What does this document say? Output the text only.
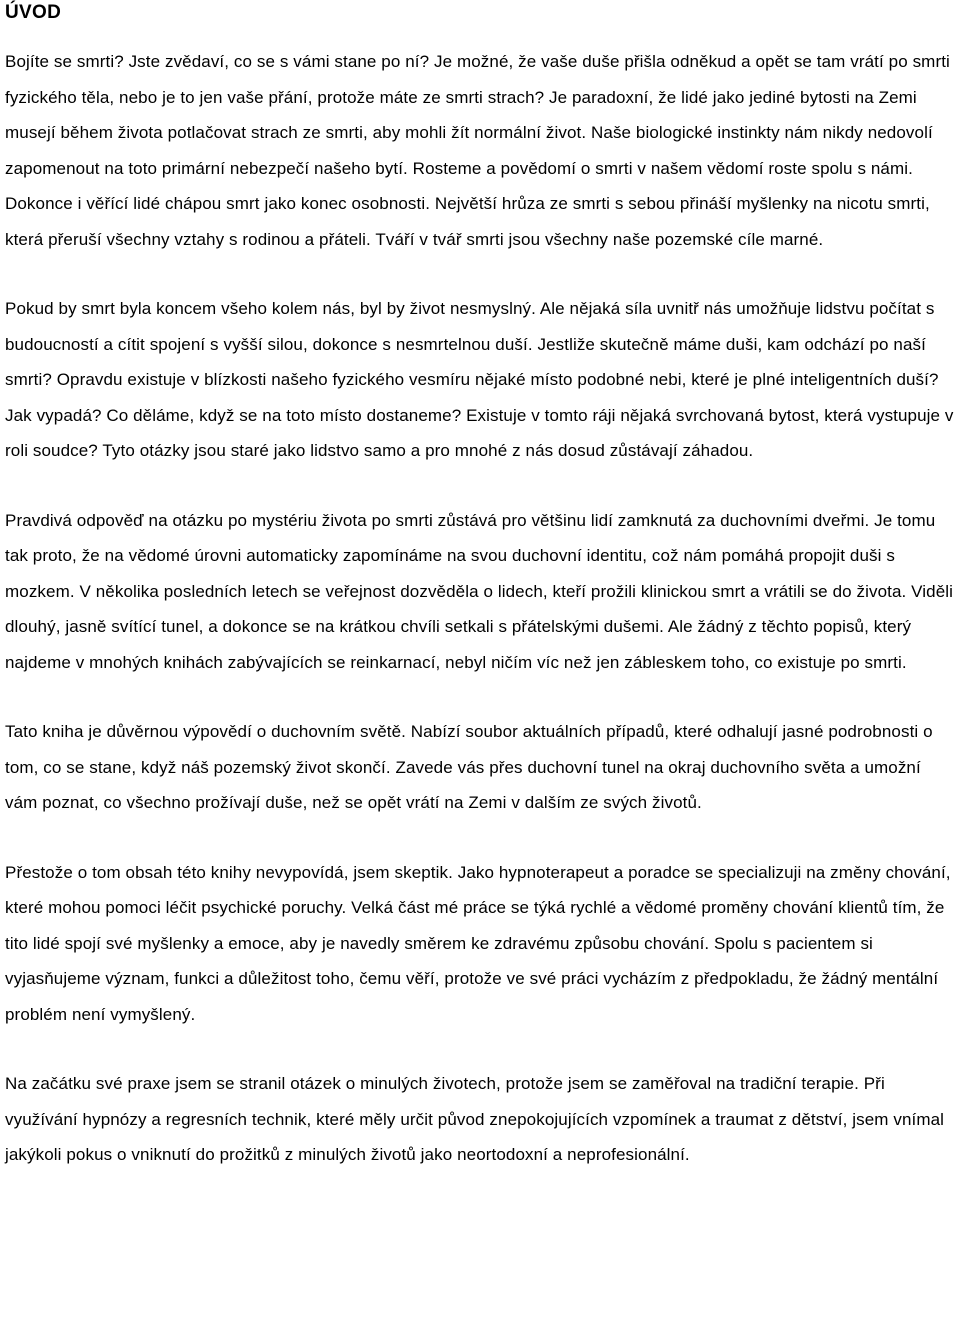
ÚVOD

Bojíte se smrti? Jste zvědaví, co se s vámi stane po ní? Je možné, že vaše duše přišla odněkud a opět se tam vrátí po smrti fyzického těla, nebo je to jen vaše přání, protože máte ze smrti strach? Je paradoxní, že lidé jako jediné bytosti na Zemi musejí během života potlačovat strach ze smrti, aby mohli žít normální život. Naše biologické instinkty nám nikdy nedovolí zapomenout na toto primární nebezpečí našeho bytí. Rosteme a povědomí o smrti v našem vědomí roste spolu s námi. Dokonce i věřící lidé chápou smrt jako konec osobnosti. Největší hrůza ze smrti s sebou přináší myšlenky na nicotu smrti, která přeruší všechny vztahy s rodinou a přáteli. Tváří v tvář smrti jsou všechny naše pozemské cíle marné.

Pokud by smrt byla koncem všeho kolem nás, byl by život nesmyslný. Ale nějaká síla uvnitř nás umožňuje lidstvu počítat s budoucností a cítit spojení s vyšší silou, dokonce s nesmrtelnou duší. Jestliže skutečně máme duši, kam odchází po naší smrti? Opravdu existuje v blízkosti našeho fyzického vesmíru nějaké místo podobné nebi, které je plné inteligentních duší? Jak vypadá? Co děláme, když se na toto místo dostaneme? Existuje v tomto ráji nějaká svrchovaná bytost, která vystupuje v roli soudce? Tyto otázky jsou staré jako lidstvo samo a pro mnohé z nás dosud zůstávají záhadou.

Pravdivá odpověď na otázku po mystériu života po smrti zůstává pro většinu lidí zamknutá za duchovními dveřmi. Je tomu tak proto, že na vědomé úrovni automaticky zapomínáme na svou duchovní identitu, což nám pomáhá propojit duši s mozkem. V několika posledních letech se veřejnost dozvěděla o lidech, kteří prožili klinickou smrt a vrátili se do života. Viděli dlouhý, jasně svítící tunel, a dokonce se na krátkou chvíli setkali s přátelskými dušemi. Ale žádný z těchto popisů, který najdeme v mnohých knihách zabývajících se reinkarnací, nebyl ničím víc než jen zábleskem toho, co existuje po smrti.

Tato kniha je důvěrnou výpovědí o duchovním světě. Nabízí soubor aktuálních případů, které odhalují jasné podrobnosti o tom, co se stane, když náš pozemský život skončí. Zavede vás přes duchovní tunel na okraj duchovního světa a umožní vám poznat, co všechno prožívají duše, než se opět vrátí na Zemi v dalším ze svých životů.

Přestože o tom obsah této knihy nevypovídá, jsem skeptik. Jako hypnoterapeut a poradce se specializuji na změny chování, které mohou pomoci léčit psychické poruchy. Velká část mé práce se týká rychlé a vědomé proměny chování klientů tím, že tito lidé spojí své myšlenky a emoce, aby je navedly směrem ke zdravému způsobu chování. Spolu s pacientem si vyjasňujeme význam, funkci a důležitost toho, čemu věří, protože ve své práci vycházím z předpokladu, že žádný mentální problém není vymyšlený.

Na začátku své praxe jsem se stranil otázek o minulých životech, protože jsem se zaměřoval na tradiční terapie. Při využívání hypnózy a regresních technik, které měly určit původ znepokojujících vzpomínek a traumat z dětství, jsem vnímal jakýkoli pokus o vniknutí do prožitků z minulých životů jako neortodoxní a neprofesionální.
